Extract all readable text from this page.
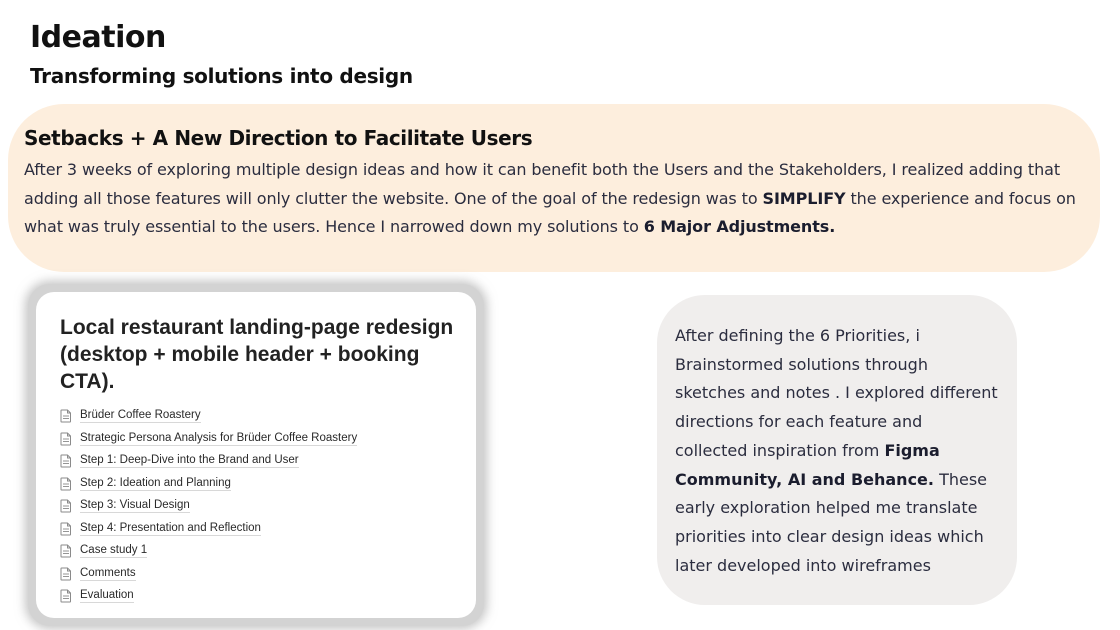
Ideation
Transforming solutions into design
Setbacks + A New Direction to Facilitate Users

After 3 weeks of exploring multiple design ideas and how it can benefit both the Users and the Stakeholders, I realized adding that adding all those features will only clutter the website. One of the goal of the redesign was to SIMPLIFY the experience and focus on what was truly essential to the users. Hence I narrowed down my solutions to 6 Major Adjustments.

Local restaurant landing-page redesign (desktop + mobile header + booking CTA).
Brüder Coffee Roastery
Strategic Persona Analysis for Brüder Coffee Roastery
Step 1: Deep-Dive into the Brand and User
Step 2: Ideation and Planning
Step 3: Visual Design
Step 4: Presentation and Reflection
Case study 1
Comments
Evaluation

After defining the 6 Priorities, i Brainstormed solutions through sketches and notes . I explored different directions for each feature and collected inspiration from Figma Community, AI and Behance. These early exploration helped me translate priorities into clear design ideas which later developed into wireframes
